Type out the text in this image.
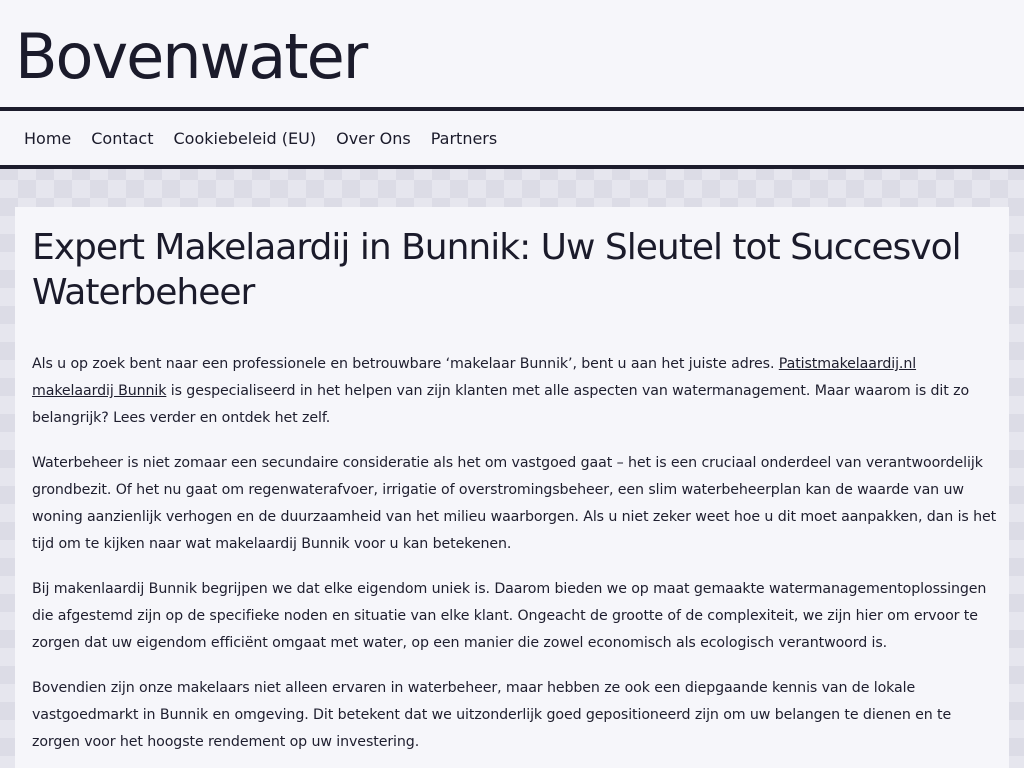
Bovenwater
Home	Contact	Cookiebeleid (EU)	Over Ons	Partners
Expert Makelaardij in Bunnik: Uw Sleutel tot Succesvol Waterbeheer

Als u op zoek bent naar een professionele en betrouwbare ‘makelaar Bunnik’, bent u aan het juiste adres. Patistmakelaardij.nl makelaardij Bunnik is gespecialiseerd in het helpen van zijn klanten met alle aspecten van watermanagement. Maar waarom is dit zo belangrijk? Lees verder en ontdek het zelf.

Waterbeheer is niet zomaar een secundaire consideratie als het om vastgoed gaat – het is een cruciaal onderdeel van verantwoordelijk grondbezit. Of het nu gaat om regenwaterafvoer, irrigatie of overstromingsbeheer, een slim waterbeheerplan kan de waarde van uw woning aanzienlijk verhogen en de duurzaamheid van het milieu waarborgen. Als u niet zeker weet hoe u dit moet aanpakken, dan is het tijd om te kijken naar wat makelaardij Bunnik voor u kan betekenen.

Bij makenlaardij Bunnik begrijpen we dat elke eigendom uniek is. Daarom bieden we op maat gemaakte watermanagementoplossingen die afgestemd zijn op de specifieke noden en situatie van elke klant. Ongeacht de grootte of de complexiteit, we zijn hier om ervoor te zorgen dat uw eigendom efficiënt omgaat met water, op een manier die zowel economisch als ecologisch verantwoord is.

Bovendien zijn onze makelaars niet alleen ervaren in waterbeheer, maar hebben ze ook een diepgaande kennis van de lokale vastgoedmarkt in Bunnik en omgeving. Dit betekent dat we uitzonderlijk goed gepositioneerd zijn om uw belangen te dienen en te zorgen voor het hoogste rendement op uw investering.
